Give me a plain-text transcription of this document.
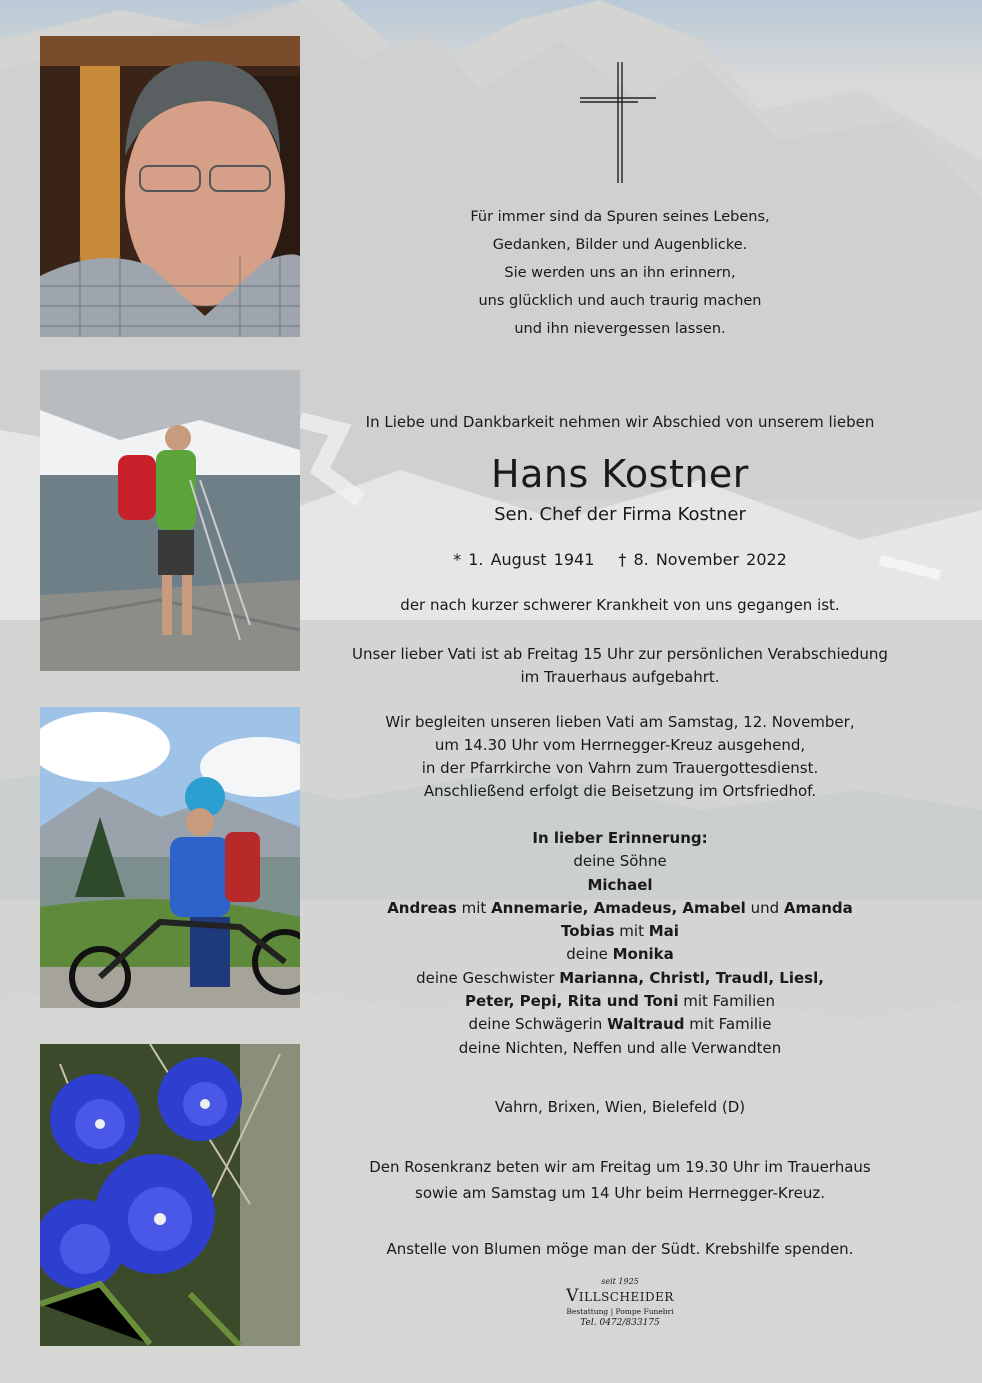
Für immer sind da Spuren seines Lebens,
Gedanken, Bilder und Augenblicke.
Sie werden uns an ihn erinnern,
uns glücklich und auch traurig machen
und ihn nievergessen lassen.
In Liebe und Dankbarkeit nehmen wir Abschied von unserem lieben
Hans Kostner
Sen. Chef der Firma Kostner
* 1. August 1941 † 8. November 2022
der nach kurzer schwerer Krankheit von uns gegangen ist.
Unser lieber Vati ist ab Freitag 15 Uhr zur persönlichen Verabschiedung
im Trauerhaus aufgebahrt.
Wir begleiten unseren lieben Vati am Samstag, 12. November,
um 14.30 Uhr vom Herrnegger-Kreuz ausgehend,
in der Pfarrkirche von Vahrn zum Trauergottesdienst.
Anschließend erfolgt die Beisetzung im Ortsfriedhof.
In lieber Erinnerung:
deine Söhne
Michael
Andreas mit Annemarie, Amadeus, Amabel und Amanda
Tobias mit Mai
deine Monika
deine Geschwister Marianna, Christl, Traudl, Liesl,
Peter, Pepi, Rita und Toni mit Familien
deine Schwägerin Waltraud mit Familie
deine Nichten, Neffen und alle Verwandten
Vahrn, Brixen, Wien, Bielefeld (D)
Den Rosenkranz beten wir am Freitag um 19.30 Uhr im Trauerhaus
sowie am Samstag um 14 Uhr beim Herrnegger-Kreuz.
Anstelle von Blumen möge man der Südt. Krebshilfe spenden.
seit 1925
Villscheider
Bestattung | Pompe Funebri
Tel. 0472/833175
